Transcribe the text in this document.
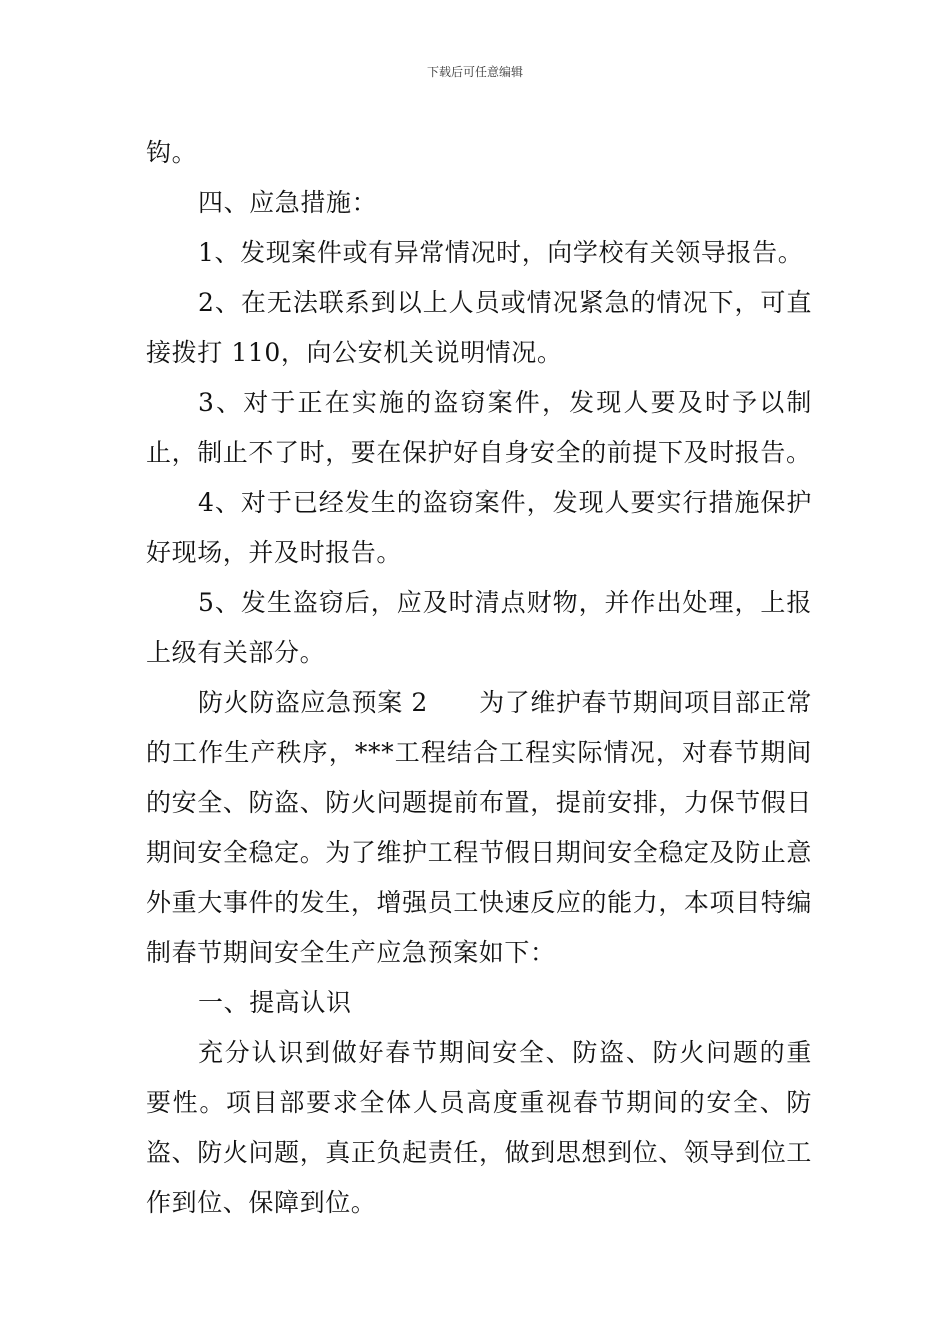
下载后可任意编辑

钩。

四、应急措施：

1、发现案件或有异常情况时，向学校有关领导报告。

2、在无法联系到以上人员或情况紧急的情况下，可直接拨打 110，向公安机关说明情况。

3、对于正在实施的盗窃案件，发现人要及时予以制止，制止不了时，要在保护好自身安全的前提下及时报告。

4、对于已经发生的盗窃案件，发现人要实行措施保护好现场，并及时报告。

5、发生盗窃后，应及时清点财物，并作出处理，上报上级有关部分。

防火防盗应急预案 2　　为了维护春节期间项目部正常的工作生产秩序，***工程结合工程实际情况，对春节期间的安全、防盗、防火问题提前布置，提前安排，力保节假日期间安全稳定。为了维护工程节假日期间安全稳定及防止意外重大事件的发生，增强员工快速反应的能力，本项目特编制春节期间安全生产应急预案如下：

一、提高认识

充分认识到做好春节期间安全、防盗、防火问题的重要性。项目部要求全体人员高度重视春节期间的安全、防盗、防火问题，真正负起责任，做到思想到位、领导到位工作到位、保障到位。
